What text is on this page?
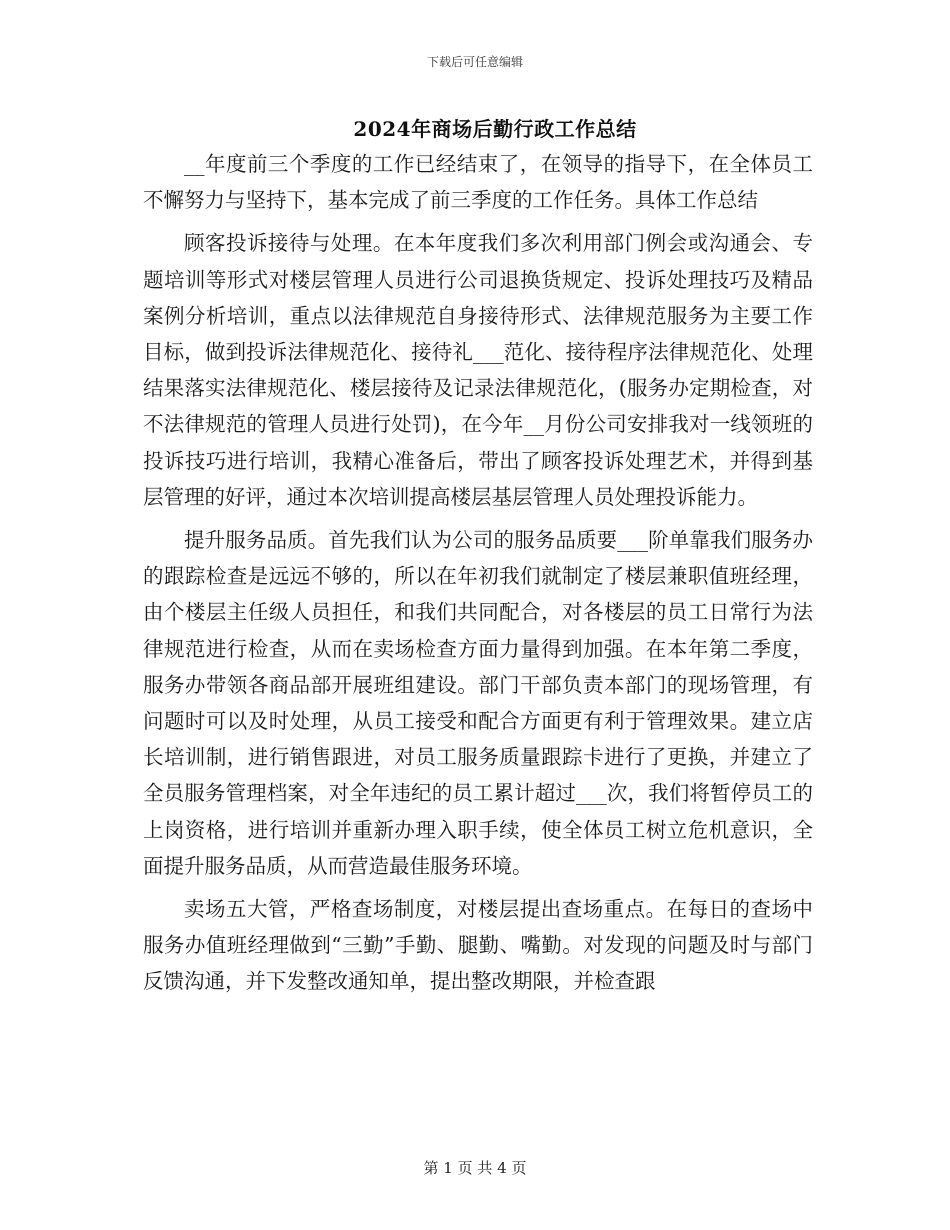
下载后可任意编辑
2024年商场后勤行政工作总结

__年度前三个季度的工作已经结束了，在领导的指导下，在全体员工不懈努力与坚持下，基本完成了前三季度的工作任务。具体工作总结

顾客投诉接待与处理。在本年度我们多次利用部门例会或沟通会、专题培训等形式对楼层管理人员进行公司退换货规定、投诉处理技巧及精品案例分析培训，重点以法律规范自身接待形式、法律规范服务为主要工作目标，做到投诉法律规范化、接待礼___范化、接待程序法律规范化、处理结果落实法律规范化、楼层接待及记录法律规范化，(服务办定期检查，对不法律规范的管理人员进行处罚)，在今年__月份公司安排我对一线领班的投诉技巧进行培训，我精心准备后，带出了顾客投诉处理艺术，并得到基层管理的好评，通过本次培训提高楼层基层管理人员处理投诉能力。

提升服务品质。首先我们认为公司的服务品质要___阶单靠我们服务办的跟踪检查是远远不够的，所以在年初我们就制定了楼层兼职值班经理，由个楼层主任级人员担任，和我们共同配合，对各楼层的员工日常行为法律规范进行检查，从而在卖场检查方面力量得到加强。在本年第二季度，服务办带领各商品部开展班组建设。部门干部负责本部门的现场管理，有问题时可以及时处理，从员工接受和配合方面更有利于管理效果。建立店长培训制，进行销售跟进，对员工服务质量跟踪卡进行了更换，并建立了全员服务管理档案，对全年违纪的员工累计超过___次，我们将暂停员工的上岗资格，进行培训并重新办理入职手续，使全体员工树立危机意识，全面提升服务品质，从而营造最佳服务环境。

卖场五大管，严格查场制度，对楼层提出查场重点。在每日的查场中服务办值班经理做到“三勤”手勤、腿勤、嘴勤。对发现的问题及时与部门反馈沟通，并下发整改通知单，提出整改期限，并检查跟

第 1 页 共 4 页
